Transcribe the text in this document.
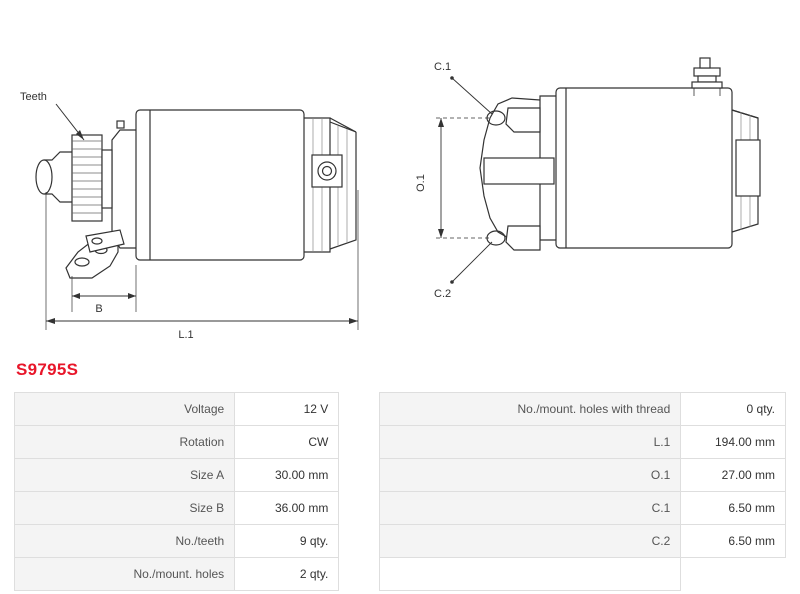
Teeth
B
L.1
O.1
C.1
C.2
S9795S
Voltage	12 V		No./mount. holes with thread	0 qty.
Rotation	CW		L.1	194.00 mm
Size A	30.00 mm		O.1	27.00 mm
Size B	36.00 mm		C.1	6.50 mm
No./teeth	9 qty.		C.2	6.50 mm
No./mount. holes	2 qty.			
